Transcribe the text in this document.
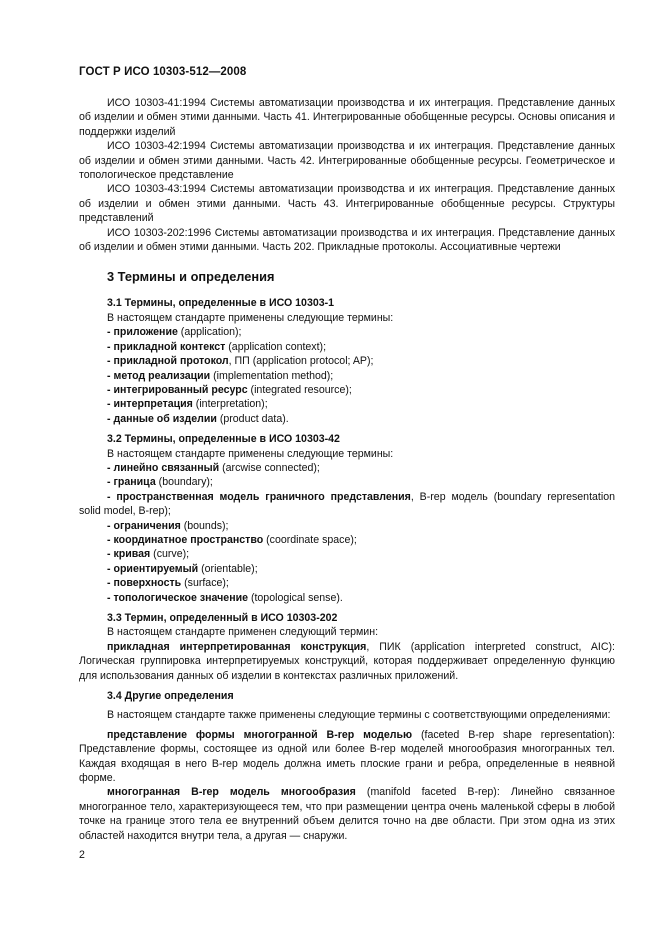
ГОСТ Р ИСО 10303-512—2008

ИСО 10303-41:1994 Системы автоматизации производства и их интеграция. Представление данных об изделии и обмен этими данными. Часть 41. Интегрированные обобщенные ресурсы. Основы описания и поддержки изделий

ИСО 10303-42:1994 Системы автоматизации производства и их интеграция. Представление данных об изделии и обмен этими данными. Часть 42. Интегрированные обобщенные ресурсы. Геометрическое и топологическое представление

ИСО 10303-43:1994 Системы автоматизации производства и их интеграция. Представление данных об изделии и обмен этими данными. Часть 43. Интегрированные обобщенные ресурсы. Структуры представлений

ИСО 10303-202:1996 Системы автоматизации производства и их интеграция. Представление данных об изделии и обмен этими данными. Часть 202. Прикладные протоколы. Ассоциативные чертежи

3 Термины и определения
3.1 Термины, определенные в ИСО 10303-1

В настоящем стандарте применены следующие термины:

- приложение (application);
- прикладной контекст (application context);
- прикладной протокол, ПП (application protocol; AP);
- метод реализации (implementation method);
- интегрированный ресурс (integrated resource);
- интерпретация (interpretation);
- данные об изделии (product data).
3.2 Термины, определенные в ИСО 10303-42

В настоящем стандарте применены следующие термины:

- линейно связанный (arcwise connected);
- граница (boundary);
- пространственная модель граничного представления, B-rep модель (boundary representation solid model, B-rep);
- ограничения (bounds);
- координатное пространство (coordinate space);
- кривая (curve);
- ориентируемый (orientable);
- поверхность (surface);
- топологическое значение (topological sense).
3.3 Термин, определенный в ИСО 10303-202

В настоящем стандарте применен следующий термин:

прикладная интерпретированная конструкция, ПИК (application interpreted construct, AIC): Логическая группировка интерпретируемых конструкций, которая поддерживает определенную функцию для использования данных об изделии в контекстах различных приложений.

3.4 Другие определения

В настоящем стандарте также применены следующие термины с соответствующими определениями:

представление формы многогранной B-rep моделью (faceted B-rep shape representation): Представление формы, состоящее из одной или более B-rep моделей многообразия многогранных тел. Каждая входящая в него B-rep модель должна иметь плоские грани и ребра, определенные в неявной форме.

многогранная B-rep модель многообразия (manifold faceted B-rep): Линейно связанное многогранное тело, характеризующееся тем, что при размещении центра очень маленькой сферы в любой точке на границе этого тела ее внутренний объем делится точно на две области. При этом одна из этих областей находится внутри тела, а другая — снаружи.

2
